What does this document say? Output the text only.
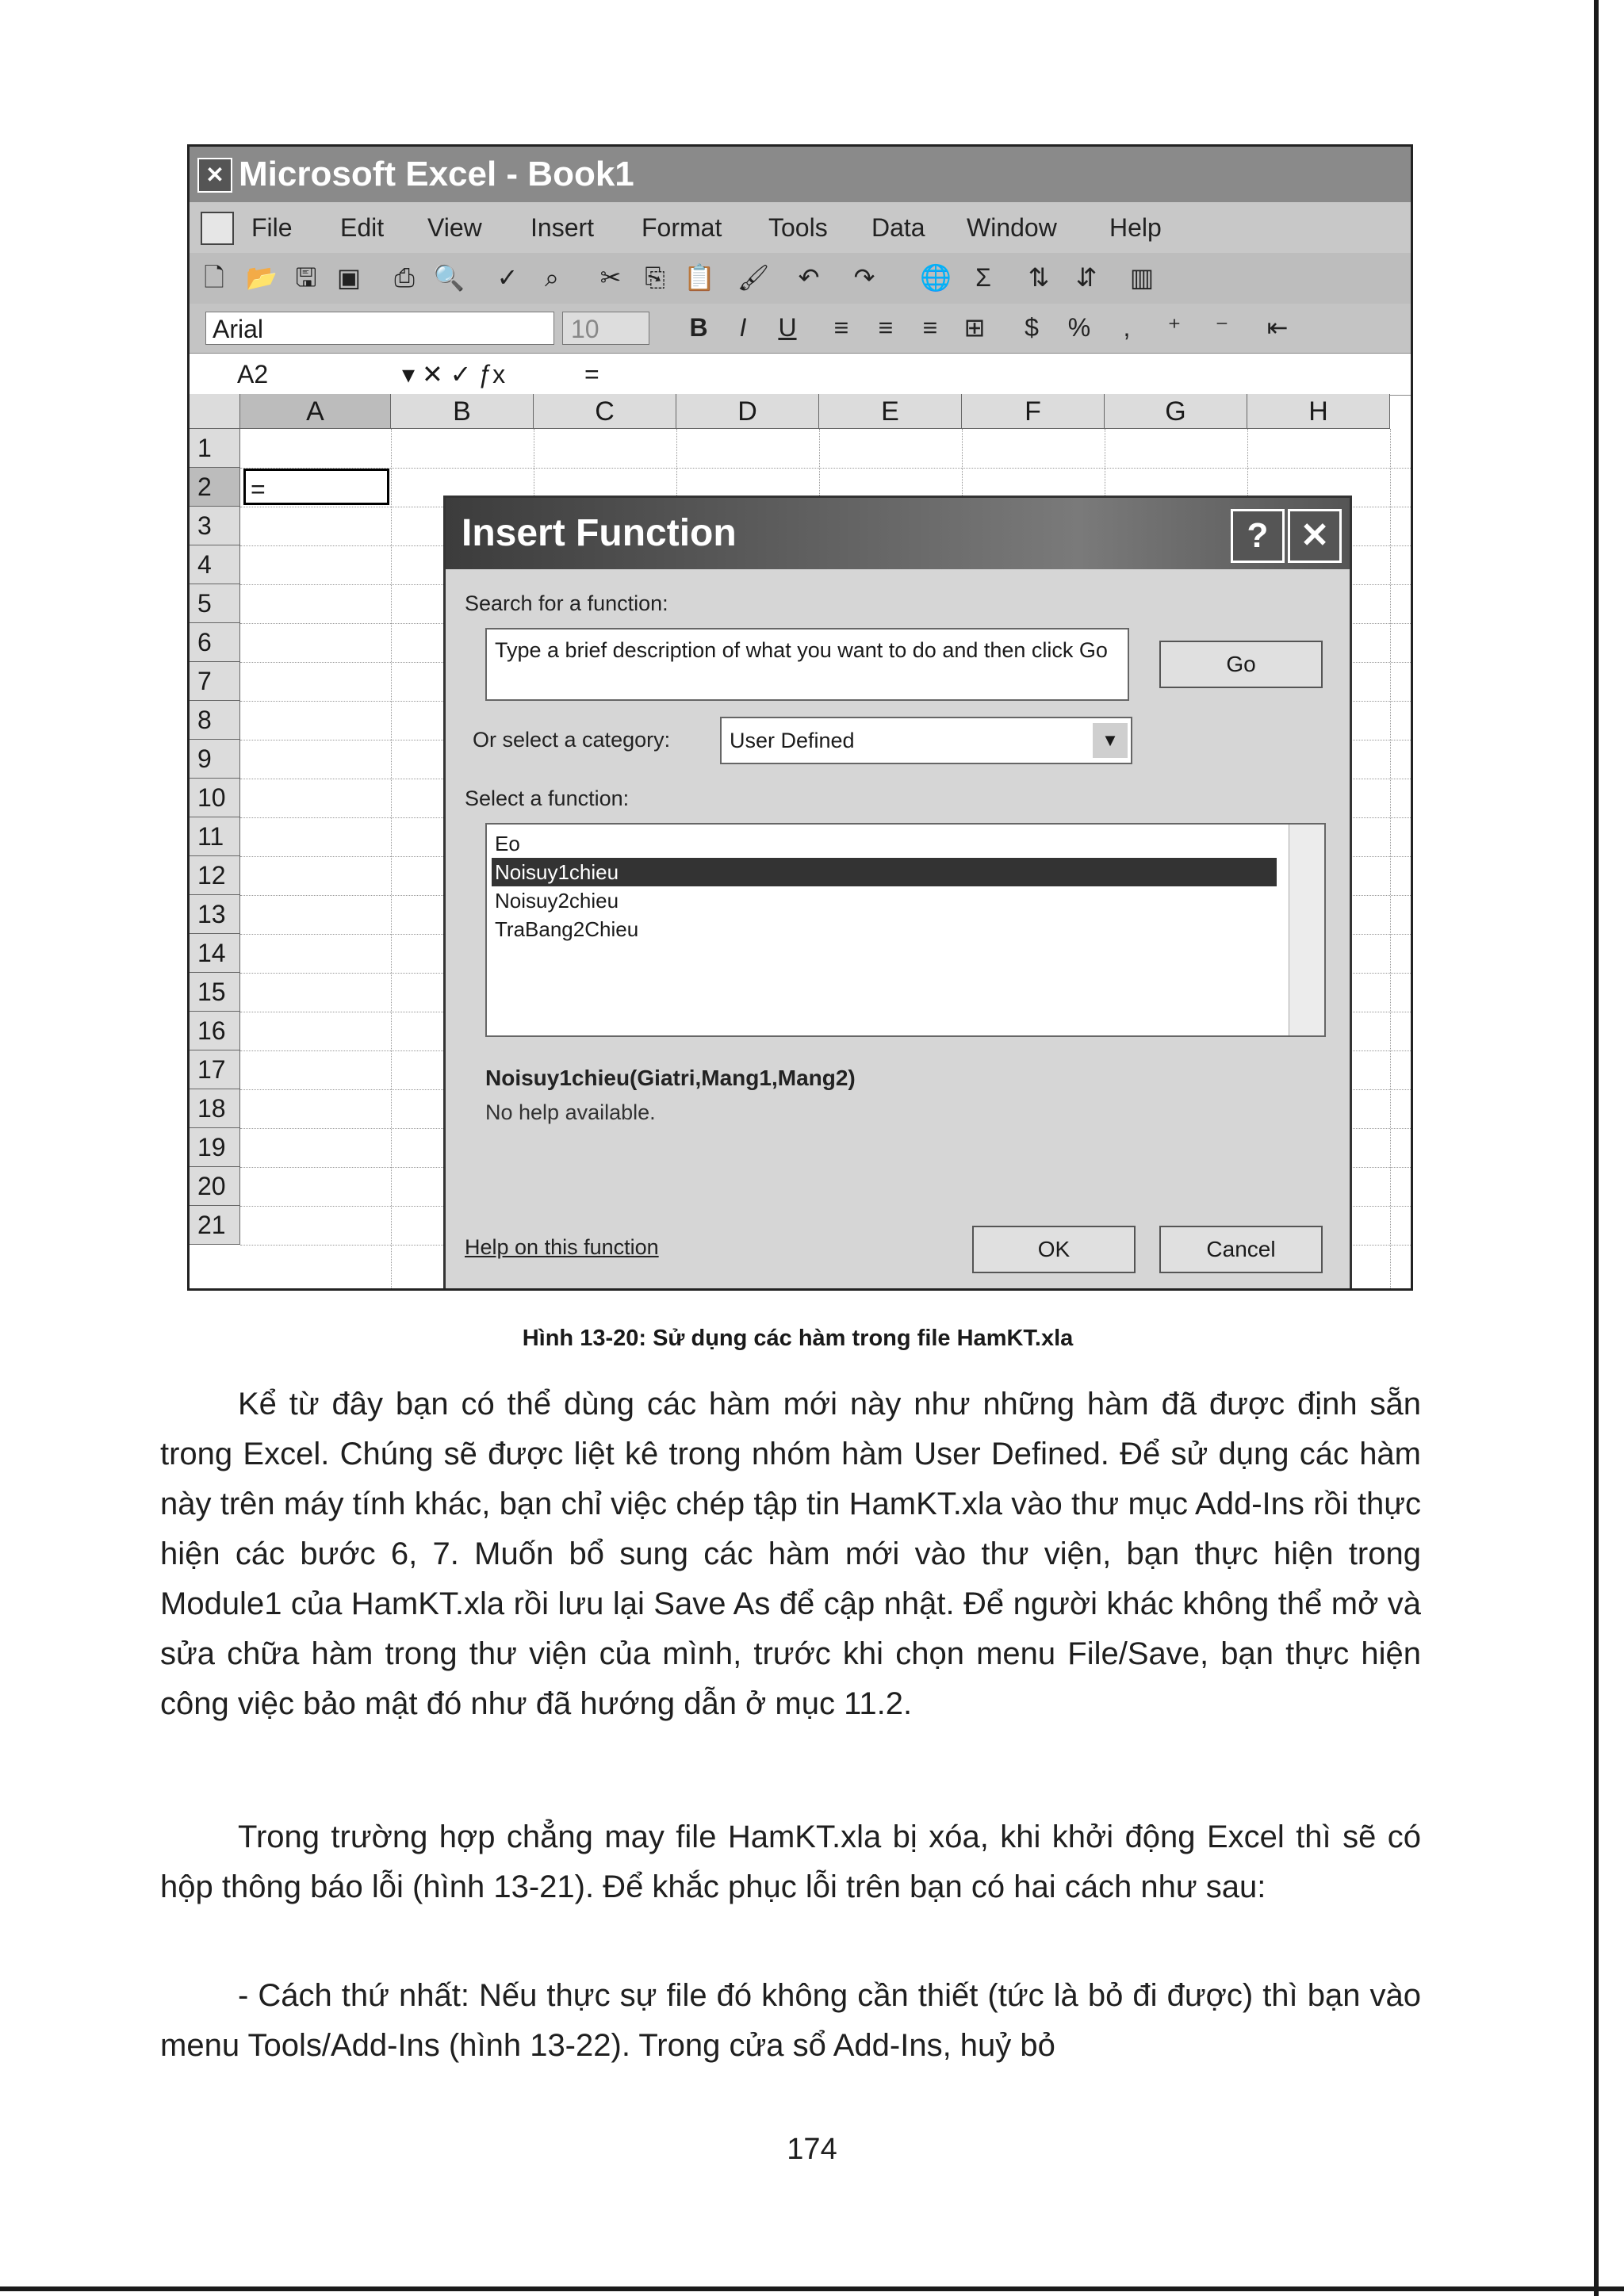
✕ Microsoft Excel - Book1
File Edit View Insert Format Tools Data Window Help
🗋 📂 🖫 ▣ ⎙ 🔍 ✓	⌕	✂ ⎘ 📋 🖌 ↶ ↷ 🌐 Σ	⇅ ⇵ ▥
Arial	10	B	I	U	≡	≡	≡	⊞	$	%	,	⁺	⁻	⇤
A2	▾ ✕ ✓ ƒx	=
A	B	C	D	E	F	G	H
1
2
3
4
5
6
7
8
9
10
11
12
13
14
15
16
17
18
19
20
21
=
Insert Function	? ✕
Search for a function:
Type a brief description of what you want to do and then click Go
Go
Or select a category:	User Defined	▼
Select a function:
Eo
Noisuy1chieu
Noisuy2chieu
TraBang2Chieu
Noisuy1chieu(Giatri,Mang1,Mang2)
No help available.
Help on this function	OK	Cancel
Hình 13-20: Sử dụng các hàm trong file HamKT.xla

Kể từ đây bạn có thể dùng các hàm mới này như những hàm đã được định sẵn trong Excel. Chúng sẽ được liệt kê trong nhóm hàm User Defined. Để sử dụng các hàm này trên máy tính khác, bạn chỉ việc chép tập tin HamKT.xla vào thư mục Add-Ins rồi thực hiện các bước 6, 7. Muốn bổ sung các hàm mới vào thư viện, bạn thực hiện trong Module1 của HamKT.xla rồi lưu lại Save As để cập nhật. Để người khác không thể mở và sửa chữa hàm trong thư viện của mình, trước khi chọn menu File/Save, bạn thực hiện công việc bảo mật đó như đã hướng dẫn ở mục 11.2.

Trong trường hợp chẳng may file HamKT.xla bị xóa, khi khởi động Excel thì sẽ có hộp thông báo lỗi (hình 13-21). Để khắc phục lỗi trên bạn có hai cách như sau:

- Cách thứ nhất: Nếu thực sự file đó không cần thiết (tức là bỏ đi được) thì bạn vào menu Tools/Add-Ins (hình 13-22). Trong cửa sổ Add-Ins, huỷ bỏ

174
